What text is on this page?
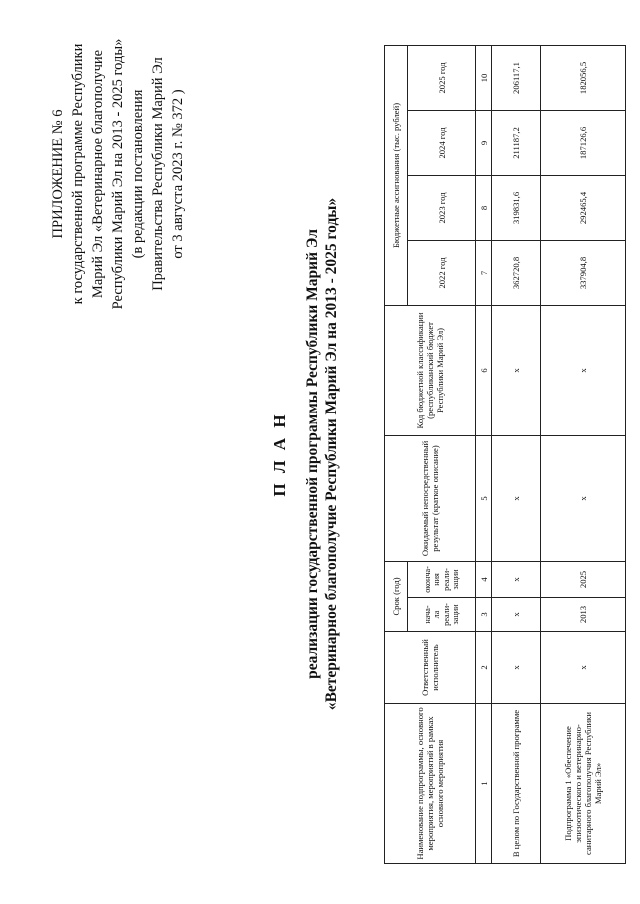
ПРИЛОЖЕНИЕ № 6 к государственной программе Республики Марий Эл «Ветеринарное благополучие Республики Марий Эл на 2013 - 2025 годы» (в редакции постановления Правительства Республики Марий Эл от 3 августа 2023 г. № 372 )
П Л А Н реализации государственной программы Республики Марий Эл «Ветеринарное благополучие Республики Марий Эл на 2013 - 2025 годы»
Наименование подпрограммы, основного мероприятия, мероприятий в рамках основного мероприятия	Ответственный исполнитель	Срок (год)		Ожидаемый непосредственный результат (краткое описание)	Код бюджетной классификации (республиканский бюджет Республики Марий Эл)	Бюджетные ассигнования (тыс. рублей)			
		нача- ла реали- зации	оконча- ния реали- зации			2022 год	2023 год	2024 год	2025 год
1	2	3	4	5	6	7	8	9	10
В целом по Государственной программе	х	х	х	х	х	362720,8	319831,6	211187,2	206117,1
Подпрограмма 1 «Обеспечение эпизоотического и ветеринарно-санитарного благополучия Республики Марий Эл»	х	2013	2025	х	х	337904,8	292465,4	187126,6	182056,5
